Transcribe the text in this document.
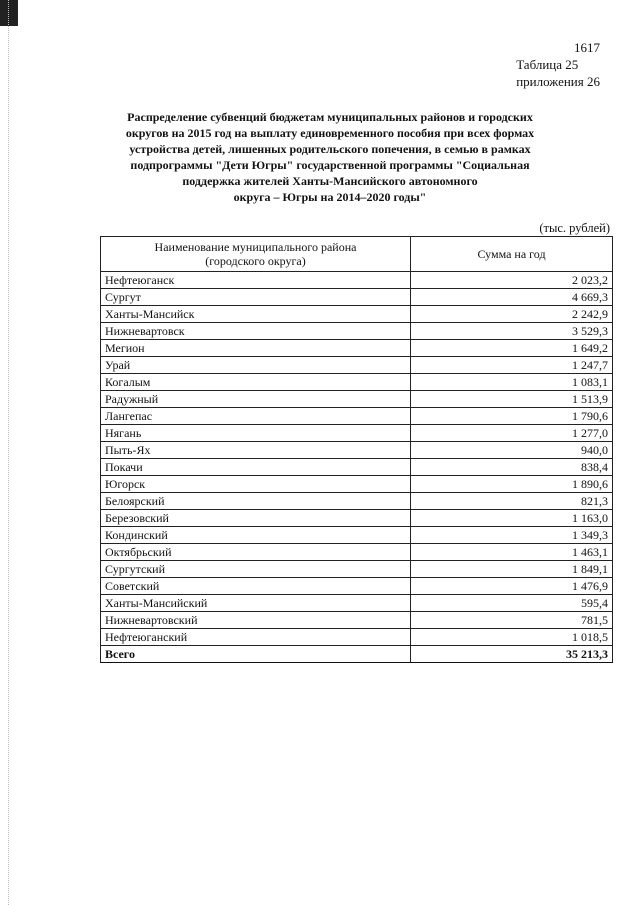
1617
Таблица 25
приложения 26
Распределение субвенций бюджетам муниципальных районов и городских
округов на 2015 год на выплату единовременного пособия при всех формах
устройства детей, лишенных родительского попечения, в семью в рамках
подпрограммы "Дети Югры" государственной программы "Социальная
поддержка жителей Ханты-Мансийского автономного
округа – Югры на 2014–2020 годы"
(тыс. рублей)
Наименование муниципального района
(городского округа)	Сумма на год
Нефтеюганск	2 023,2
Сургут	4 669,3
Ханты-Мансийск	2 242,9
Нижневартовск	3 529,3
Мегион	1 649,2
Урай	1 247,7
Когалым	1 083,1
Радужный	1 513,9
Лангепас	1 790,6
Нягань	1 277,0
Пыть-Ях	940,0
Покачи	838,4
Югорск	1 890,6
Белоярский	821,3
Березовский	1 163,0
Кондинский	1 349,3
Октябрьский	1 463,1
Сургутский	1 849,1
Советский	1 476,9
Ханты-Мансийский	595,4
Нижневартовский	781,5
Нефтеюганский	1 018,5
Всего	35 213,3
